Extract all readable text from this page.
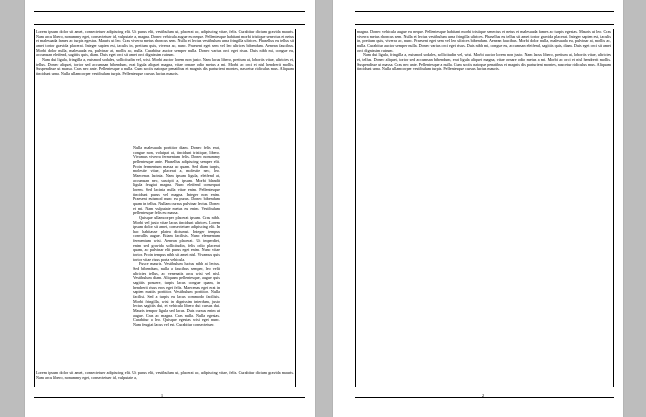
Lorem ipsum dolor sit amet, consectetuer adipiscing elit. Ut purus elit, vestibulum ut, placerat ac, adipiscing vitae, felis. Curabitur dictum gravida mauris. Nam arcu libero, nonummy eget, consectetuer id, vulputate a, magna. Donec vehicula augue eu neque. Pellentesque habitant morbi tristique senectus et netus et malesuada fames ac turpis egestas. Mauris ut leo. Cras viverra metus rhoncus sem. Nulla et lectus vestibulum urna fringilla ultrices. Phasellus eu tellus sit amet tortor gravida placerat. Integer sapien est, iaculis in, pretium quis, viverra ac, nunc. Praesent eget sem vel leo ultrices bibendum. Aenean faucibus. Morbi dolor nulla, malesuada eu, pulvinar at, mollis ac, nulla. Curabitur auctor semper nulla. Donec varius orci eget risus. Duis nibh mi, congue eu, accumsan eleifend, sagittis quis, diam. Duis eget orci sit amet orci dignissim rutrum.

Nam dui ligula, fringilla a, euismod sodales, sollicitudin vel, wisi. Morbi auctor lorem non justo. Nam lacus libero, pretium at, lobortis vitae, ultricies et, tellus. Donec aliquet, tortor sed accumsan bibendum, erat ligula aliquet magna, vitae ornare odio metus a mi. Morbi ac orci et nisl hendrerit mollis. Suspendisse ut massa. Cras nec ante. Pellentesque a nulla. Cum sociis natoque penatibus et magnis dis parturient montes, nascetur ridiculus mus. Aliquam tincidunt urna. Nulla ullamcorper vestibulum turpis. Pellentesque cursus luctus mauris.

Nulla malesuada porttitor diam. Donec felis erat, congue non, volutpat at, tincidunt tristique, libero. Vivamus viverra fermentum felis. Donec nonummy pellentesque ante. Phasellus adipiscing semper elit. Proin fermentum massa ac quam. Sed diam turpis, molestie vitae, placerat a, molestie nec, leo. Maecenas lacinia. Nam ipsum ligula, eleifend at, accumsan nec, suscipit a, ipsum. Morbi blandit ligula feugiat magna. Nunc eleifend consequat lorem. Sed lacinia nulla vitae enim. Pellentesque tincidunt purus vel magna. Integer non enim. Praesent euismod nunc eu purus. Donec bibendum quam in tellus. Nullam cursus pulvinar lectus. Donec et mi. Nam vulputate metus eu enim. Vestibulum pellentesque felis eu massa.

Quisque ullamcorper placerat ipsum. Cras nibh. Morbi vel justo vitae lacus tincidunt ultrices. Lorem ipsum dolor sit amet, consectetuer adipiscing elit. In hac habitasse platea dictumst. Integer tempus convallis augue. Etiam facilisis. Nunc elementum fermentum wisi. Aenean placerat. Ut imperdiet, enim sed gravida sollicitudin, felis odio placerat quam, ac pulvinar elit purus eget enim. Nunc vitae tortor. Proin tempus nibh sit amet nisl. Vivamus quis tortor vitae risus porta vehicula.

Fusce mauris. Vestibulum luctus nibh at lectus. Sed bibendum, nulla a faucibus semper, leo velit ultricies tellus, ac venenatis arcu wisi vel nisl. Vestibulum diam. Aliquam pellentesque, augue quis sagittis posuere, turpis lacus congue quam, in hendrerit risus eros eget felis. Maecenas eget erat in sapien mattis porttitor. Vestibulum porttitor. Nulla facilisi. Sed a turpis eu lacus commodo facilisis. Morbi fringilla, wisi in dignissim interdum, justo lectus sagittis dui, et vehicula libero dui cursus dui. Mauris tempor ligula sed lacus. Duis cursus enim ut augue. Cras ac magna. Cras nulla. Nulla egestas. Curabitur a leo. Quisque egestas wisi eget nunc. Nam feugiat lacus vel est. Curabitur consectetuer.

Lorem ipsum dolor sit amet, consectetuer adipiscing elit. Ut purus elit, vestibulum ut, placerat ac, adipiscing vitae, felis. Curabitur dictum gravida mauris. Nam arcu libero, nonummy eget, consectetuer id, vulputate a,

1

magna. Donec vehicula augue eu neque. Pellentesque habitant morbi tristique senectus et netus et malesuada fames ac turpis egestas. Mauris ut leo. Cras viverra metus rhoncus sem. Nulla et lectus vestibulum urna fringilla ultrices. Phasellus eu tellus sit amet tortor gravida placerat. Integer sapien est, iaculis in, pretium quis, viverra ac, nunc. Praesent eget sem vel leo ultrices bibendum. Aenean faucibus. Morbi dolor nulla, malesuada eu, pulvinar at, mollis ac, nulla. Curabitur auctor semper nulla. Donec varius orci eget risus. Duis nibh mi, congue eu, accumsan eleifend, sagittis quis, diam. Duis eget orci sit amet orci dignissim rutrum.

Nam dui ligula, fringilla a, euismod sodales, sollicitudin vel, wisi. Morbi auctor lorem non justo. Nam lacus libero, pretium at, lobortis vitae, ultricies et, tellus. Donec aliquet, tortor sed accumsan bibendum, erat ligula aliquet magna, vitae ornare odio metus a mi. Morbi ac orci et nisl hendrerit mollis. Suspendisse ut massa. Cras nec ante. Pellentesque a nulla. Cum sociis natoque penatibus et magnis dis parturient montes, nascetur ridiculus mus. Aliquam tincidunt urna. Nulla ullamcorper vestibulum turpis. Pellentesque cursus luctus mauris.

2
